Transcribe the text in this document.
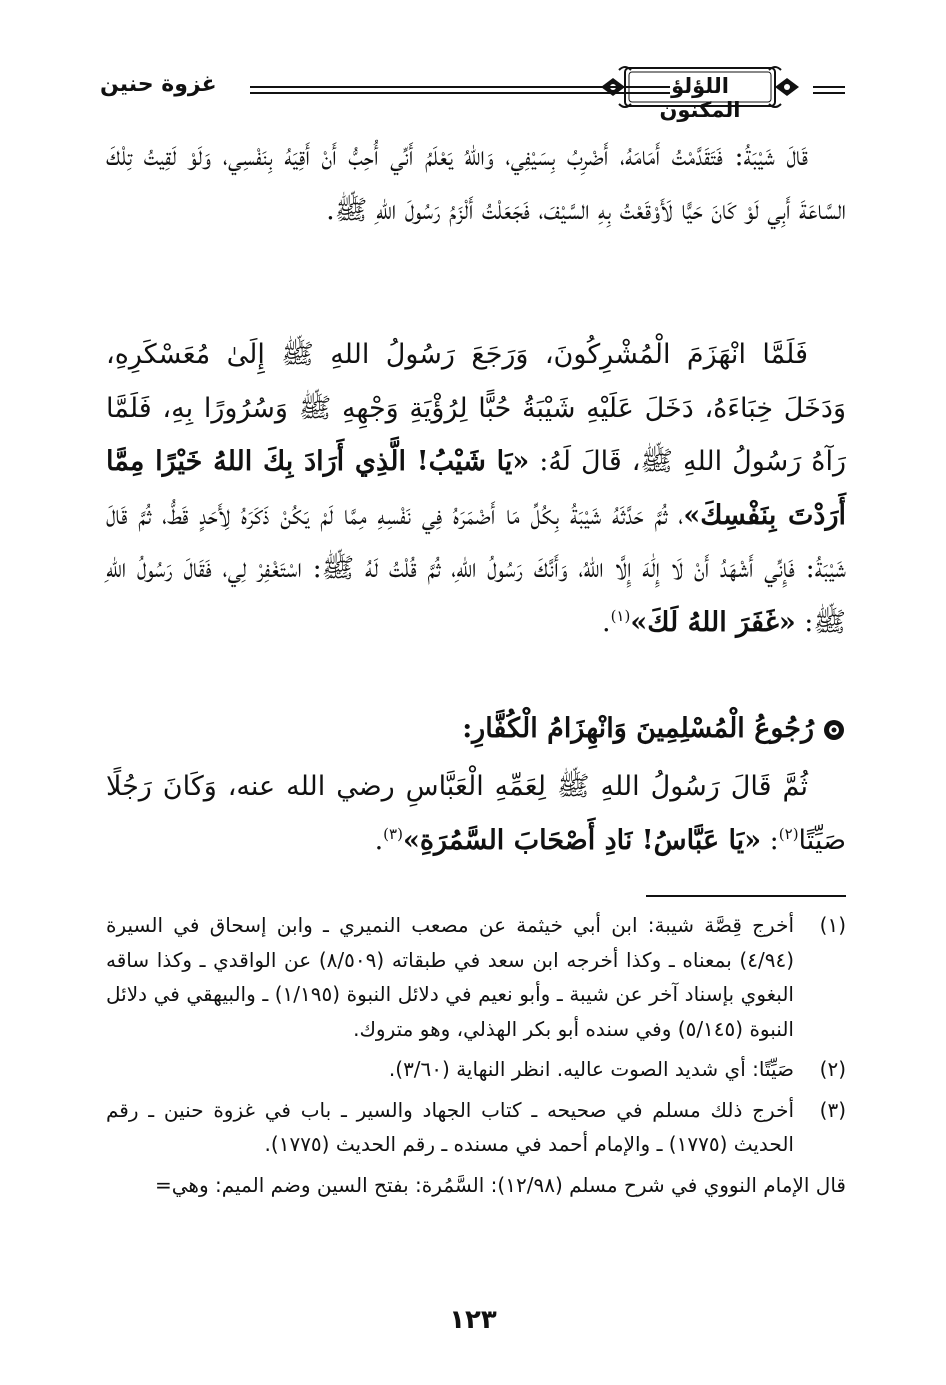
اللؤلؤ المكنون
غزوة حنين
قَالَ شَيْبَةُ: فَتَقَدَّمْتُ أَمَامَهُ، أَضْرِبُ بِسَيْفِي، وَاللهُ يَعْلَمُ أَنِّي أُحِبُّ أَنْ أَقِيَهُ بِنَفْسِي، وَلَوْ لَقِيتُ تِلْكَ السَّاعَةَ أَبِي لَوْ كَانَ حَيًّا لَأَوْقَعْتُ بِهِ السَّيْفَ، فَجَعَلْتُ أَلْزَمُ رَسُولَ اللهِ ﷺ.
فَلَمَّا انْهَزَمَ الْمُشْرِكُونَ، وَرَجَعَ رَسُولُ اللهِ ﷺ إِلَىٰ مُعَسْكَرِهِ، وَدَخَلَ خِبَاءَهُ، دَخَلَ عَلَيْهِ شَيْبَةُ حُبًّا لِرُؤْيَةِ وَجْهِهِ ﷺ وَسُرُورًا بِهِ، فَلَمَّا رَآهُ رَسُولُ اللهِ ﷺ، قَالَ لَهُ: «يَا شَيْبُ! الَّذِي أَرَادَ بِكَ اللهُ خَيْرًا مِمَّا أَرَدْتَ بِنَفْسِكَ»، ثُمَّ حَدَّثَهُ شَيْبَةُ بِكُلِّ مَا أَضْمَرَهُ فِي نَفْسِهِ مِمَّا لَمْ يَكُنْ ذَكَرَهُ لِأَحَدٍ قَطُّ، ثُمَّ قَالَ شَيْبَةُ: فَإِنِّي أَشْهَدُ أَنْ لَا إِلَٰهَ إِلَّا اللهُ، وَأَنَّكَ رَسُولُ اللهِ، ثُمَّ قُلْتُ لَهُ ﷺ: اسْتَغْفِرْ لِي، فَقَالَ رَسُولُ اللهِ ﷺ: «غَفَرَ اللهُ لَكَ»$^{(١)}$.
رُجُوعُ الْمُسْلِمِينَ وَانْهِزَامُ الْكُفَّارِ:
ثُمَّ قَالَ رَسُولُ اللهِ ﷺ لِعَمِّهِ الْعَبَّاسِ رضي الله عنه، وَكَانَ رَجُلًا صَيِّتًا$^{(٢)}$: «يَا عَبَّاسُ! نَادِ أَصْحَابَ السَّمُرَةِ»$^{(٣)}$.
(١)
أخرج قِصَّة شيبة: ابن أبي خيثمة عن مصعب النميري ـ وابن إسحاق في السيرة (٤/٩٤) بمعناه ـ وكذا أخرجه ابن سعد في طبقاته (٨/٥٠٩) عن الواقدي ـ وكذا ساقه البغوي بإسناد آخر عن شيبة ـ وأبو نعيم في دلائل النبوة (١/١٩٥) ـ والبيهقي في دلائل النبوة (٥/١٤٥) وفي سنده أبو بكر الهذلي، وهو متروك.
(٢)
صَيِّتًا: أي شديد الصوت عاليه. انظر النهاية (٣/٦٠).
(٣)
أخرج ذلك مسلم في صحيحه ـ كتاب الجهاد والسير ـ باب في غزوة حنين ـ رقم الحديث (١٧٧٥) ـ والإمام أحمد في مسنده ـ رقم الحديث (١٧٧٥).
قال الإمام النووي في شرح مسلم (١٢/٩٨): السَّمُرة: بفتح السين وضم الميم: وهي=
١٢٣
